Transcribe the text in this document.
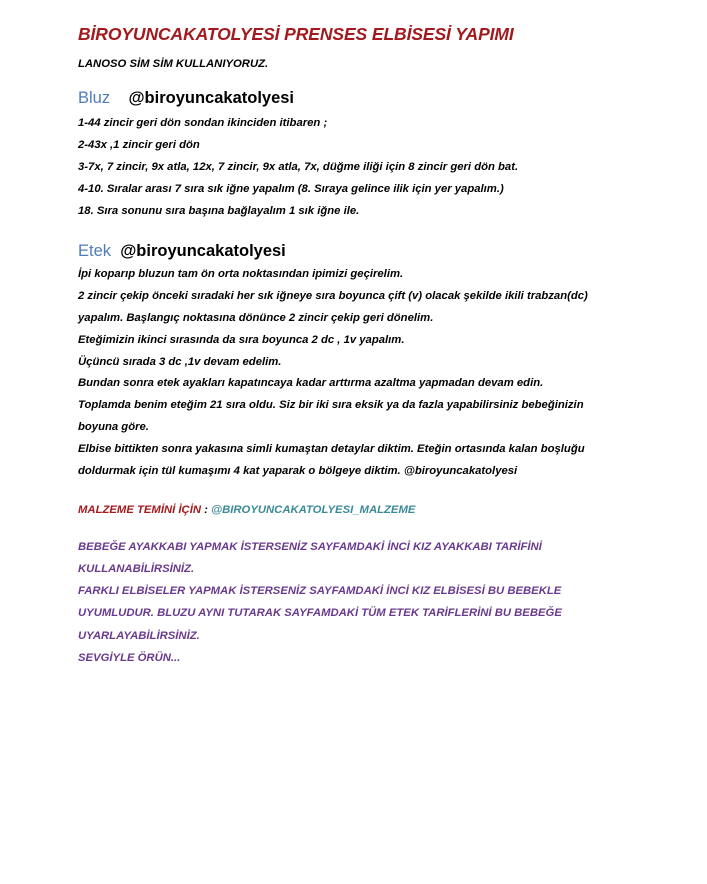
BİROYUNCAKATOLYESİ PRENSES ELBİSESİ YAPIMI
LANOSO SİM SİM KULLANIYORUZ.
Bluz @biroyuncakatolyesi
1-44 zincir geri dön sondan ikinciden itibaren ;
2-43x ,1 zincir geri dön
3-7x, 7 zincir, 9x atla, 12x, 7 zincir, 9x atla, 7x, düğme iliği için 8 zincir geri dön bat.
4-10. Sıralar arası 7 sıra sık iğne yapalım (8. Sıraya gelince ilik için yer yapalım.)
18. Sıra sonunu sıra başına bağlayalım 1 sık iğne ile.
Etek @biroyuncakatolyesi
İpi koparıp bluzun tam ön orta noktasından ipimizi geçirelim.
2 zincir çekip önceki sıradaki her sık iğneye sıra boyunca çift (v) olacak şekilde ikili trabzan(dc)
yapalım. Başlangıç noktasına dönünce 2 zincir çekip geri dönelim.
Eteğimizin ikinci sırasında da sıra boyunca 2 dc , 1v yapalım.
Üçüncü sırada 3 dc ,1v devam edelim.
Bundan sonra etek ayakları kapatıncaya kadar arttırma azaltma yapmadan devam edin.
Toplamda benim eteğim 21 sıra oldu. Siz bir iki sıra eksik ya da fazla yapabilirsiniz bebeğinizin
boyuna göre.
Elbise bittikten sonra yakasına simli kumaştan detaylar diktim. Eteğin ortasında kalan boşluğu
doldurmak için tül kumaşımı 4 kat yaparak o bölgeye diktim. @biroyuncakatolyesi
MALZEME TEMİNİ İÇİN : @BIROYUNCAKATOLYESI_MALZEME
BEBEĞE AYAKKABI YAPMAK İSTERSENİZ SAYFAMDAKİ İNCİ KIZ AYAKKABI TARİFİNİ
KULLANABİLİRSİNİZ.
FARKLI ELBİSELER YAPMAK İSTERSENİZ SAYFAMDAKİ İNCİ KIZ ELBİSESİ BU BEBEKLE
UYUMLUDUR. BLUZU AYNI TUTARAK SAYFAMDAKİ TÜM ETEK TARİFLERİNİ BU BEBEĞE
UYARLAYABİLİRSİNİZ.
SEVGİYLE ÖRÜN...
